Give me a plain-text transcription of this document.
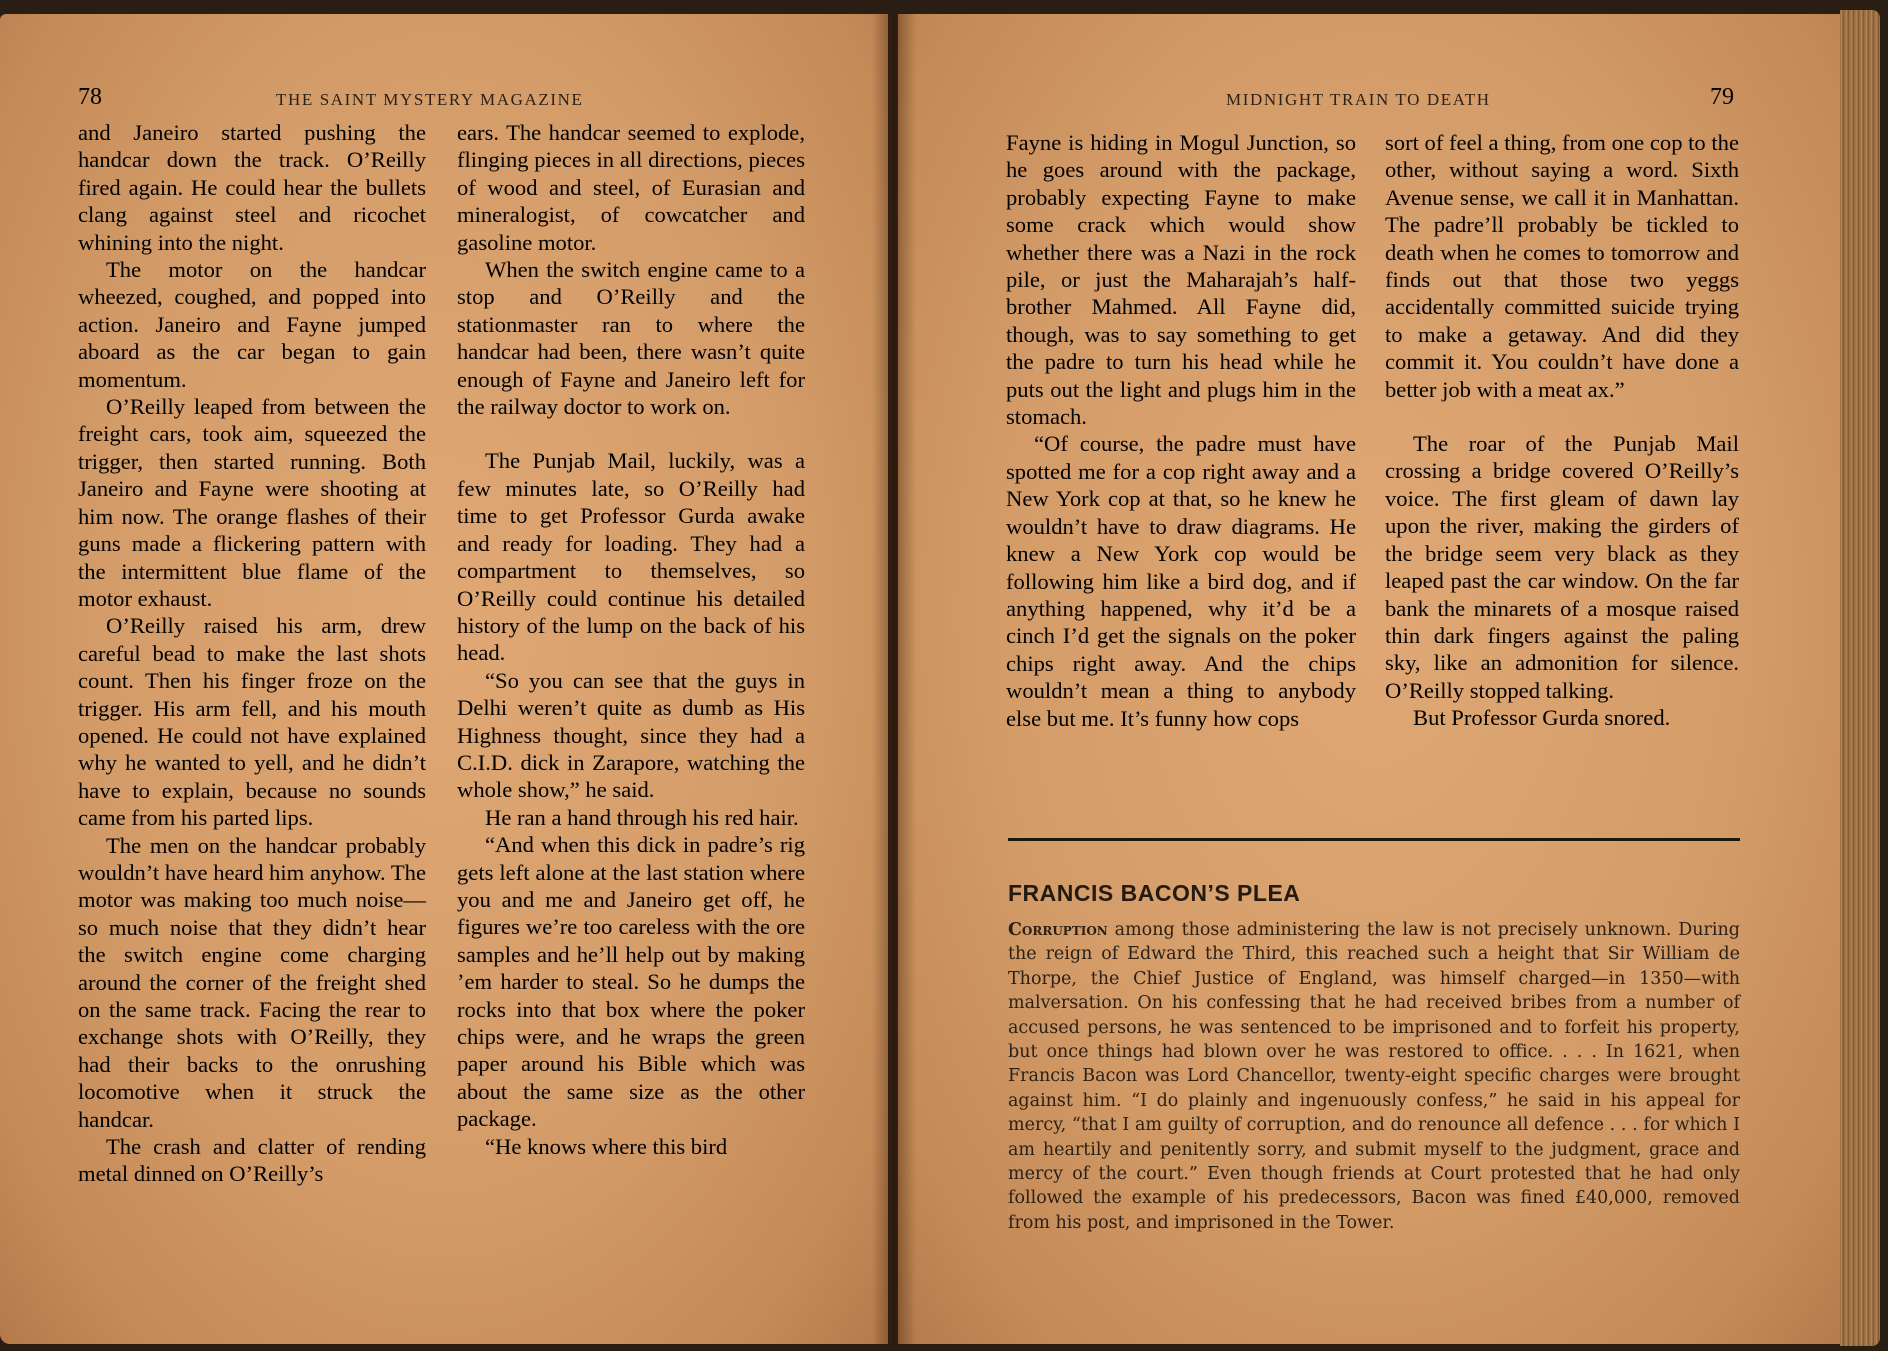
78	THE SAINT MYSTERY MAGAZINE

and Janeiro started pushing the handcar down the track. O’Reilly fired again. He could hear the bullets clang against steel and ricochet whining into the night.

The motor on the handcar wheezed, coughed, and popped into action. Janeiro and Fayne jumped aboard as the car began to gain momentum.

O’Reilly leaped from between the freight cars, took aim, squeezed the trigger, then started running. Both Janeiro and Fayne were shooting at him now. The orange flashes of their guns made a flickering pattern with the intermittent blue flame of the motor exhaust.

O’Reilly raised his arm, drew careful bead to make the last shots count. Then his finger froze on the trigger. His arm fell, and his mouth opened. He could not have explained why he wanted to yell, and he didn’t have to explain, because no sounds came from his parted lips.

The men on the handcar probably wouldn’t have heard him anyhow. The motor was making too much noise—so much noise that they didn’t hear the switch engine come charging around the corner of the freight shed on the same track. Facing the rear to exchange shots with O’Reilly, they had their backs to the onrushing locomotive when it struck the handcar.

The crash and clatter of rending metal dinned on O’Reilly’s

ears. The handcar seemed to explode, flinging pieces in all directions, pieces of wood and steel, of Eurasian and mineralogist, of cowcatcher and gasoline motor.

When the switch engine came to a stop and O’Reilly and the stationmaster ran to where the handcar had been, there wasn’t quite enough of Fayne and Janeiro left for the railway doctor to work on.

The Punjab Mail, luckily, was a few minutes late, so O’Reilly had time to get Professor Gurda awake and ready for loading. They had a compartment to themselves, so O’Reilly could continue his detailed history of the lump on the back of his head.

“So you can see that the guys in Delhi weren’t quite as dumb as His Highness thought, since they had a C.I.D. dick in Zarapore, watching the whole show,” he said.

He ran a hand through his red hair.

“And when this dick in padre’s rig gets left alone at the last station where you and me and Janeiro get off, he figures we’re too careless with the ore samples and he’ll help out by making ’em harder to steal. So he dumps the rocks into that box where the poker chips were, and he wraps the green paper around his Bible which was about the same size as the other package.

“He knows where this bird

MIDNIGHT TRAIN TO DEATH	79

Fayne is hiding in Mogul Junction, so he goes around with the package, probably expecting Fayne to make some crack which would show whether there was a Nazi in the rock pile, or just the Maharajah’s half-brother Mahmed. All Fayne did, though, was to say something to get the padre to turn his head while he puts out the light and plugs him in the stomach.

“Of course, the padre must have spotted me for a cop right away and a New York cop at that, so he knew he wouldn’t have to draw diagrams. He knew a New York cop would be following him like a bird dog, and if anything happened, why it’d be a cinch I’d get the signals on the poker chips right away. And the chips wouldn’t mean a thing to anybody else but me. It’s funny how cops

sort of feel a thing, from one cop to the other, without saying a word. Sixth Avenue sense, we call it in Manhattan. The padre’ll probably be tickled to death when he comes to tomorrow and finds out that those two yeggs accidentally committed suicide trying to make a getaway. And did they commit it. You couldn’t have done a better job with a meat ax.”

The roar of the Punjab Mail crossing a bridge covered O’Reilly’s voice. The first gleam of dawn lay upon the river, making the girders of the bridge seem very black as they leaped past the car window. On the far bank the minarets of a mosque raised thin dark fingers against the paling sky, like an admonition for silence. O’Reilly stopped talking.

But Professor Gurda snored.

FRANCIS BACON’S PLEA
Corruption among those administering the law is not precisely unknown. During the reign of Edward the Third, this reached such a height that Sir William de Thorpe, the Chief Justice of England, was himself charged—in 1350—with malversation. On his confessing that he had received bribes from a number of accused persons, he was sentenced to be imprisoned and to forfeit his property, but once things had blown over he was restored to office. . . . In 1621, when Francis Bacon was Lord Chancellor, twenty-eight specific charges were brought against him. “I do plainly and ingenuously confess,” he said in his appeal for mercy, “that I am guilty of corruption, and do renounce all defence . . . for which I am heartily and penitently sorry, and submit myself to the judgment, grace and mercy of the court.” Even though friends at Court protested that he had only followed the example of his predecessors, Bacon was fined £40,000, removed from his post, and imprisoned in the Tower.
